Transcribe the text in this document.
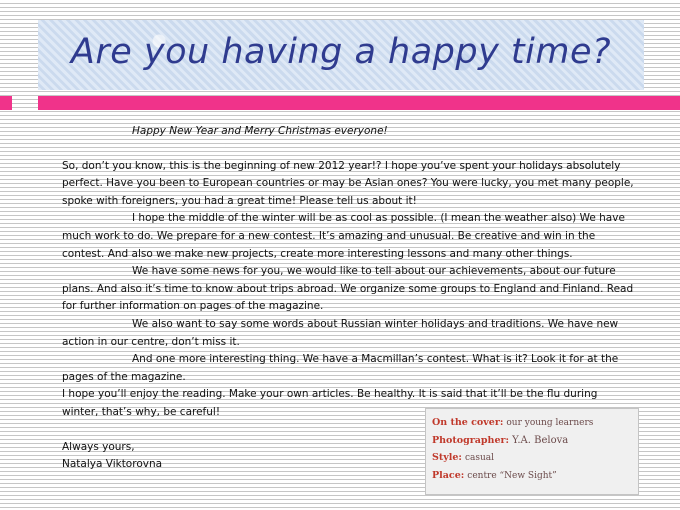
Are you having a happy time?

Happy New Year and Merry Christmas everyone!

So, don’t you know, this is the beginning of new 2012 year!? I hope you’ve spent your holidays absolutely perfect. Have you been to European countries or may be Asian ones? You were lucky, you met many people, spoke with foreigners, you had a great time! Please tell us about it!

I hope the middle of the winter will be as cool as possible. (I mean the weather also) We have much work to do. We prepare for a new contest. It’s amazing and unusual. Be creative and win in the contest. And also we make new projects, create more interesting lessons and many other things.

We have some news for you, we would like to tell about our achievements, about our future plans. And also it’s time to know about trips abroad. We organize some groups to England and Finland. Read for further information on pages of the magazine.

We also want to say some words about Russian winter holidays and traditions. We have new action in our centre, don’t miss it.

And one more interesting thing. We have a Macmillan’s contest. What is it? Look it for at the pages of the magazine.

I hope you’ll enjoy the reading. Make your own articles. Be healthy. It is said that it’ll be the flu during winter, that’s why, be careful!

Always yours,

Natalya Viktorovna

On the cover: our young learners
Photographer: Y.A. Belova
Style: casual
Place: centre “New Sight”
